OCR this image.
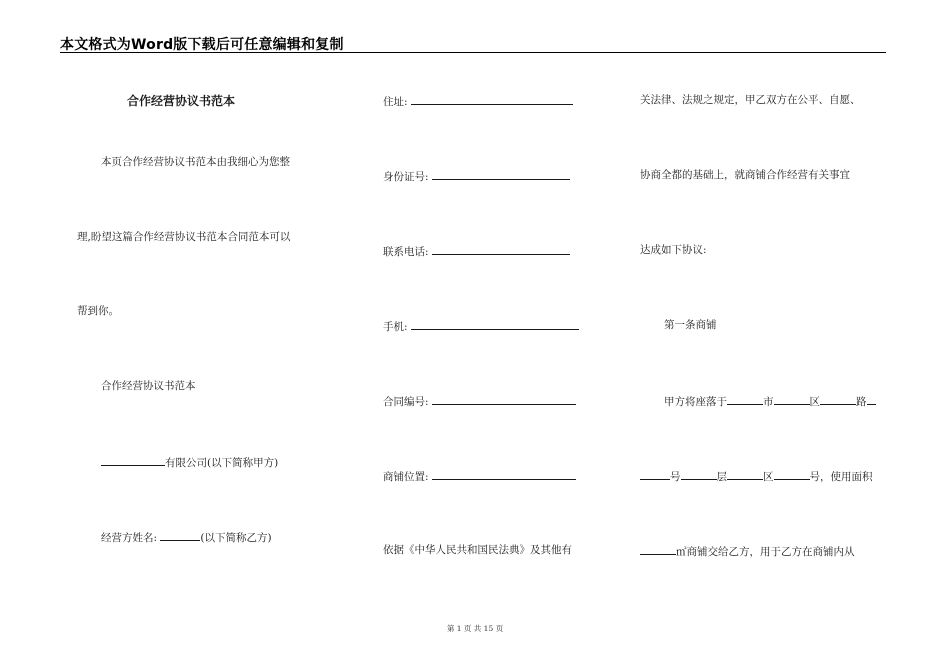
本文格式为Word版下载后可任意编辑和复制
合作经营协议书范本
本页合作经营协议书范本由我细心为您整
理,盼望这篇合作经营协议书范本合同范本可以
帮到你。
合作经营协议书范本
有限公司(以下简称甲方)
经营方姓名:	(以下简称乙方)
住址:
身份证号:
联系电话:
手机:
合同编号:
商铺位置:
依据《中华人民共和国民法典》及其他有
关法律、法规之规定，甲乙双方在公平、自愿、
协商全都的基础上，就商铺合作经营有关事宜
达成如下协议:
第一条商铺
甲方将座落于	市	区	路
号	层	区	号，使用面积
㎡商铺交给乙方，用于乙方在商铺内从
第 1 页 共 15 页
